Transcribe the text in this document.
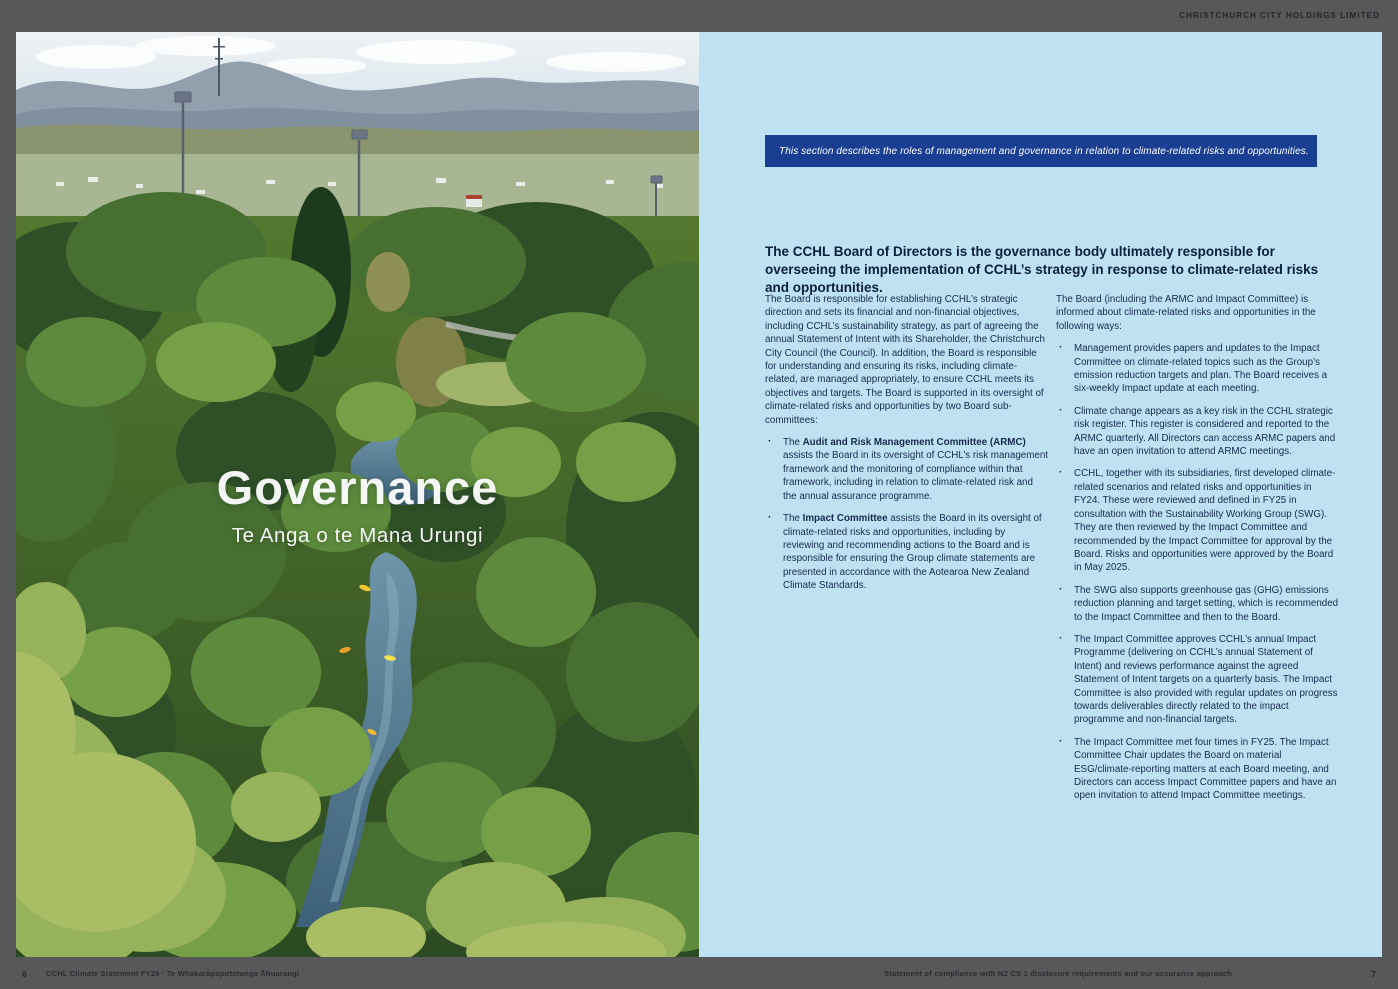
CHRISTCHURCH CITY HOLDINGS LIMITED
Governance
Te Anga o te Mana Urungi
This section describes the roles of management and governance in relation to climate-related risks and opportunities.
The CCHL Board of Directors is the governance body ultimately responsible for overseeing the implementation of CCHL’s strategy in response to climate-related risks and opportunities.

The Board is responsible for establishing CCHL’s strategic direction and sets its financial and non-financial objectives, including CCHL’s sustainability strategy, as part of agreeing the annual Statement of Intent with its Shareholder, the Christchurch City Council (the Council). In addition, the Board is responsible for understanding and ensuring its risks, including climate-related, are managed appropriately, to ensure CCHL meets its objectives and targets. The Board is supported in its oversight of climate-related risks and opportunities by two Board sub-committees:

· The Audit and Risk Management Committee (ARMC) assists the Board in its oversight of CCHL’s risk management framework and the monitoring of compliance within that framework, including in relation to climate-related risk and the annual assurance programme.
· The Impact Committee assists the Board in its oversight of climate-related risks and opportunities, including by reviewing and recommending actions to the Board and is responsible for ensuring the Group climate statements are presented in accordance with the Aotearoa New Zealand Climate Standards.

The Board (including the ARMC and Impact Committee) is informed about climate-related risks and opportunities in the following ways:

· Management provides papers and updates to the Impact Committee on climate-related topics such as the Group’s emission reduction targets and plan. The Board receives a six-weekly Impact update at each meeting.
· Climate change appears as a key risk in the CCHL strategic risk register. This register is considered and reported to the ARMC quarterly. All Directors can access ARMC papers and have an open invitation to attend ARMC meetings.
· CCHL, together with its subsidiaries, first developed climate-related scenarios and related risks and opportunities in FY24. These were reviewed and defined in FY25 in consultation with the Sustainability Working Group (SWG). They are then reviewed by the Impact Committee and recommended by the Impact Committee for approval by the Board. Risks and opportunities were approved by the Board in May 2025.
· The SWG also supports greenhouse gas (GHG) emissions reduction planning and target setting, which is recommended to the Impact Committee and then to the Board.
· The Impact Committee approves CCHL’s annual Impact Programme (delivering on CCHL’s annual Statement of Intent) and reviews performance against the agreed Statement of Intent targets on a quarterly basis. The Impact Committee is also provided with regular updates on progress towards deliverables directly related to the impact programme and non-financial targets.
· The Impact Committee met four times in FY25. The Impact Committee Chair updates the Board on material ESG/climate-reporting matters at each Board meeting, and Directors can access Impact Committee papers and have an open invitation to attend Impact Committee meetings.
6	CCHL Climate Statement FY25 · Te Whakarāpopototanga Āhuarangi	Statement of compliance with NZ CS 1 disclosure requirements and our assurance approach	7
